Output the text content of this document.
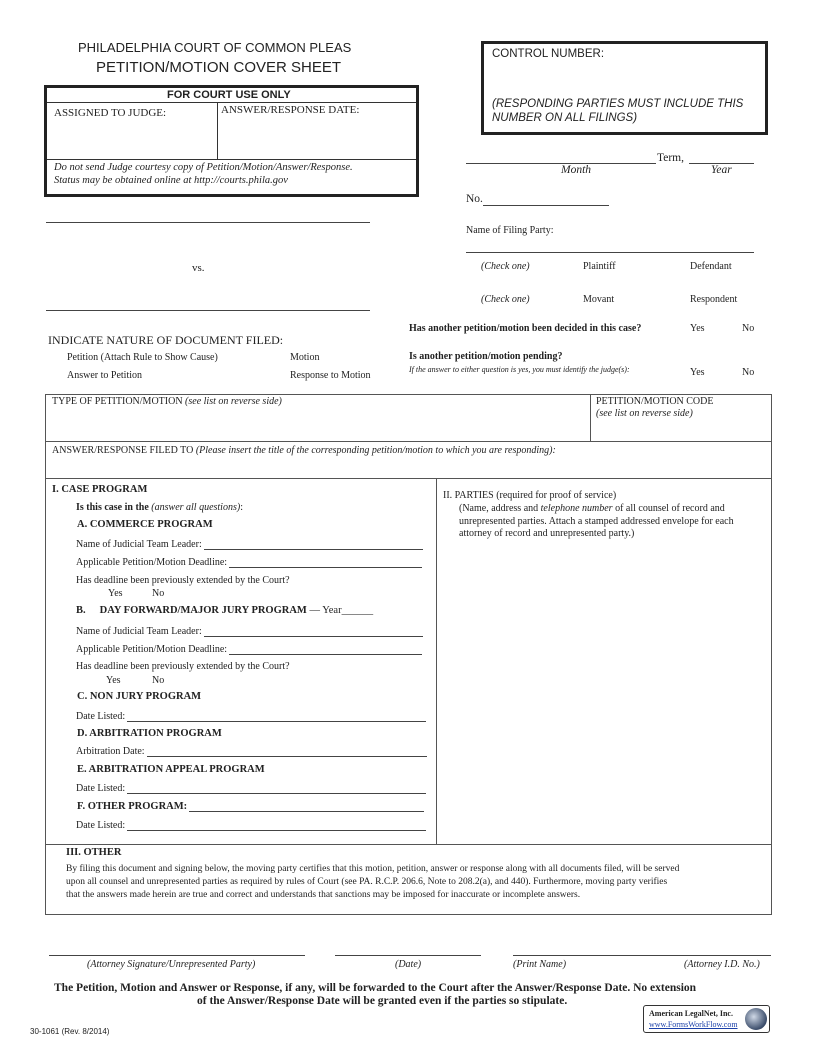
PHILADELPHIA COURT OF COMMON PLEAS
PETITION/MOTION COVER SHEET
FOR COURT USE ONLY
ASSIGNED TO JUDGE:	ANSWER/RESPONSE DATE:
Do not send Judge courtesy copy of Petition/Motion/Answer/Response.
Status may be obtained online at http://courts.phila.gov
CONTROL NUMBER:
(RESPONDING PARTIES MUST INCLUDE THIS
NUMBER ON ALL FILINGS)
Term,
Month	Year
No.
Name of Filing Party:
(Check one)	Plaintiff	Defendant
(Check one)	Movant	Respondent
vs.
Has another petition/motion been decided in this case?	Yes	No
Is another petition/motion pending?
If the answer to either question is yes, you must identify the judge(s):	Yes	No
INDICATE NATURE OF DOCUMENT FILED:
Petition (Attach Rule to Show Cause)	Motion
Answer to Petition	Response to Motion
TYPE OF PETITION/MOTION (see list on reverse side)	PETITION/MOTION CODE
(see list on reverse side)
ANSWER/RESPONSE FILED TO (Please insert the title of the corresponding petition/motion to which you are responding):
I. CASE PROGRAM
Is this case in the (answer all questions):
A. COMMERCE PROGRAM
Name of Judicial Team Leader:
Applicable Petition/Motion Deadline:
Has deadline been previously extended by the Court?
Yes	No
B. DAY FORWARD/MAJOR JURY PROGRAM — Year______
Name of Judicial Team Leader:
Applicable Petition/Motion Deadline:
Has deadline been previously extended by the Court?
Yes	No
C. NON JURY PROGRAM
Date Listed:
D. ARBITRATION PROGRAM
Arbitration Date:
E. ARBITRATION APPEAL PROGRAM
Date Listed:
F. OTHER PROGRAM:
Date Listed:
II. PARTIES (required for proof of service)
(Name, address and telephone number of all counsel of record and
unrepresented parties. Attach a stamped addressed envelope for each
attorney of record and unrepresented party.)
III. OTHER
By filing this document and signing below, the moving party certifies that this motion, petition, answer or response along with all documents filed, will be served
upon all counsel and unrepresented parties as required by rules of Court (see PA. R.C.P. 206.6, Note to 208.2(a), and 440). Furthermore, moving party verifies
that the answers made herein are true and correct and understands that sanctions may be imposed for inaccurate or incomplete answers.
(Attorney Signature/Unrepresented Party)	(Date)	(Print Name)	(Attorney I.D. No.)
The Petition, Motion and Answer or Response, if any, will be forwarded to the Court after the Answer/Response Date. No extension
of the Answer/Response Date will be granted even if the parties so stipulate.
30-1061 (Rev. 8/2014)
American LegalNet, Inc.
www.FormsWorkFlow.com
